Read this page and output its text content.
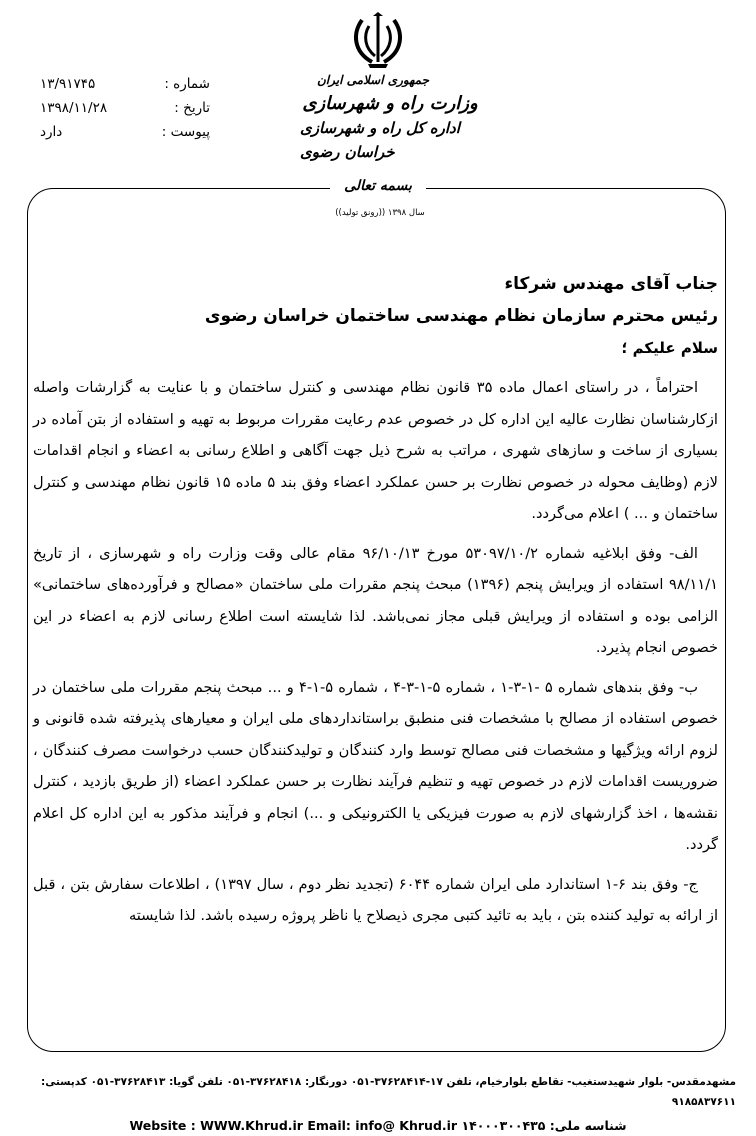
شماره :
۱۳/۹۱۷۴۵
تاریخ :
۱۳۹۸/۱۱/۲۸
پیوست :
دارد
جمهوری اسلامی ایران
وزارت راه و شهرسازی
اداره کل راه و شهرسازی خراسان رضوی
بسمه تعالی
سال ۱۳۹۸ ((رونق تولید))

جناب آقای مهندس شرکاء

رئیس محترم سازمان نظام مهندسی ساختمان خراسان رضوی

سلام علیکم ؛

احتراماً ، در راستای اعمال ماده ۳۵ قانون نظام مهندسی و کنترل ساختمان و با عنایت به گزارشات واصله ازکارشناسان نظارت عالیه این اداره کل در خصوص عدم رعایت مقررات مربوط به تهیه و استفاده از بتن آماده در بسیاری از ساخت و سازهای شهری ، مراتب به شرح ذیل جهت آگاهی و اطلاع رسانی به اعضاء و انجام اقدامات لازم (وظایف محوله در خصوص نظارت بر حسن عملکرد اعضاء وفق بند ۵ ماده ۱۵ قانون نظام مهندسی و کنترل ساختمان و ... ) اعلام می‌گردد.

الف- وفق ابلاغیه شماره ۵۳۰۹۷/۱۰/۲ مورخ ۹۶/۱۰/۱۳ مقام عالی وقت وزارت راه و شهرسازی ، از تاریخ ۹۸/۱۱/۱ استفاده از ویرایش پنجم (۱۳۹۶) مبحث پنجم مقررات ملی ساختمان «مصالح و فرآورده‌های ساختمانی» الزامی بوده و استفاده از ویرایش قبلی مجاز نمی‌باشد. لذا شایسته است اطلاع رسانی لازم به اعضاء در این خصوص انجام پذیرد.

ب- وفق بندهای شماره ۵ -۱-۳-۱ ، شماره ۵-۱-۳-۴ ، شماره ۵-۱-۴ و ... مبحث پنجم مقررات ملی ساختمان در خصوص استفاده از مصالح با مشخصات فنی منطبق براستانداردهای ملی ایران و معیارهای پذیرفته شده قانونی و لزوم ارائه ویژگیها و مشخصات فنی مصالح توسط وارد کنندگان و تولیدکنندگان حسب درخواست مصرف کنندگان ، ضروریست اقدامات لازم در خصوص تهیه و تنظیم فرآیند نظارت بر حسن عملکرد اعضاء (از طریق بازدید ، کنترل نقشه‌ها ، اخذ گزارشهای لازم به صورت فیزیکی یا الکترونیکی و ...) انجام و فرآیند مذکور به این اداره کل اعلام گردد.

ج- وفق بند ۶-۱ استاندارد ملی ایران شماره ۶۰۴۴ (تجدید نظر دوم ، سال ۱۳۹۷) ، اطلاعات سفارش بتن ، قبل از ارائه به تولید کننده بتن ، باید به تائید کتبی مجری ذیصلاح یا ناظر پروژه رسیده باشد. لذا شایسته

مشهدمقدس- بلوار شهیدستغیب- تقاطع بلوارخیام، تلفن ۱۷-۳۷۶۲۸۴۱۴-۰۵۱ دورنگار: ۳۷۶۲۸۴۱۸-۰۵۱ تلفن گویا: ۳۷۶۲۸۴۱۳-۰۵۱ کدپستی: ۹۱۸۵۸۳۷۶۱۱
Website : WWW.Khrud.ir Email: info@ Khrud.ir شناسه ملی: ۱۴۰۰۰۳۰۰۴۳۵
